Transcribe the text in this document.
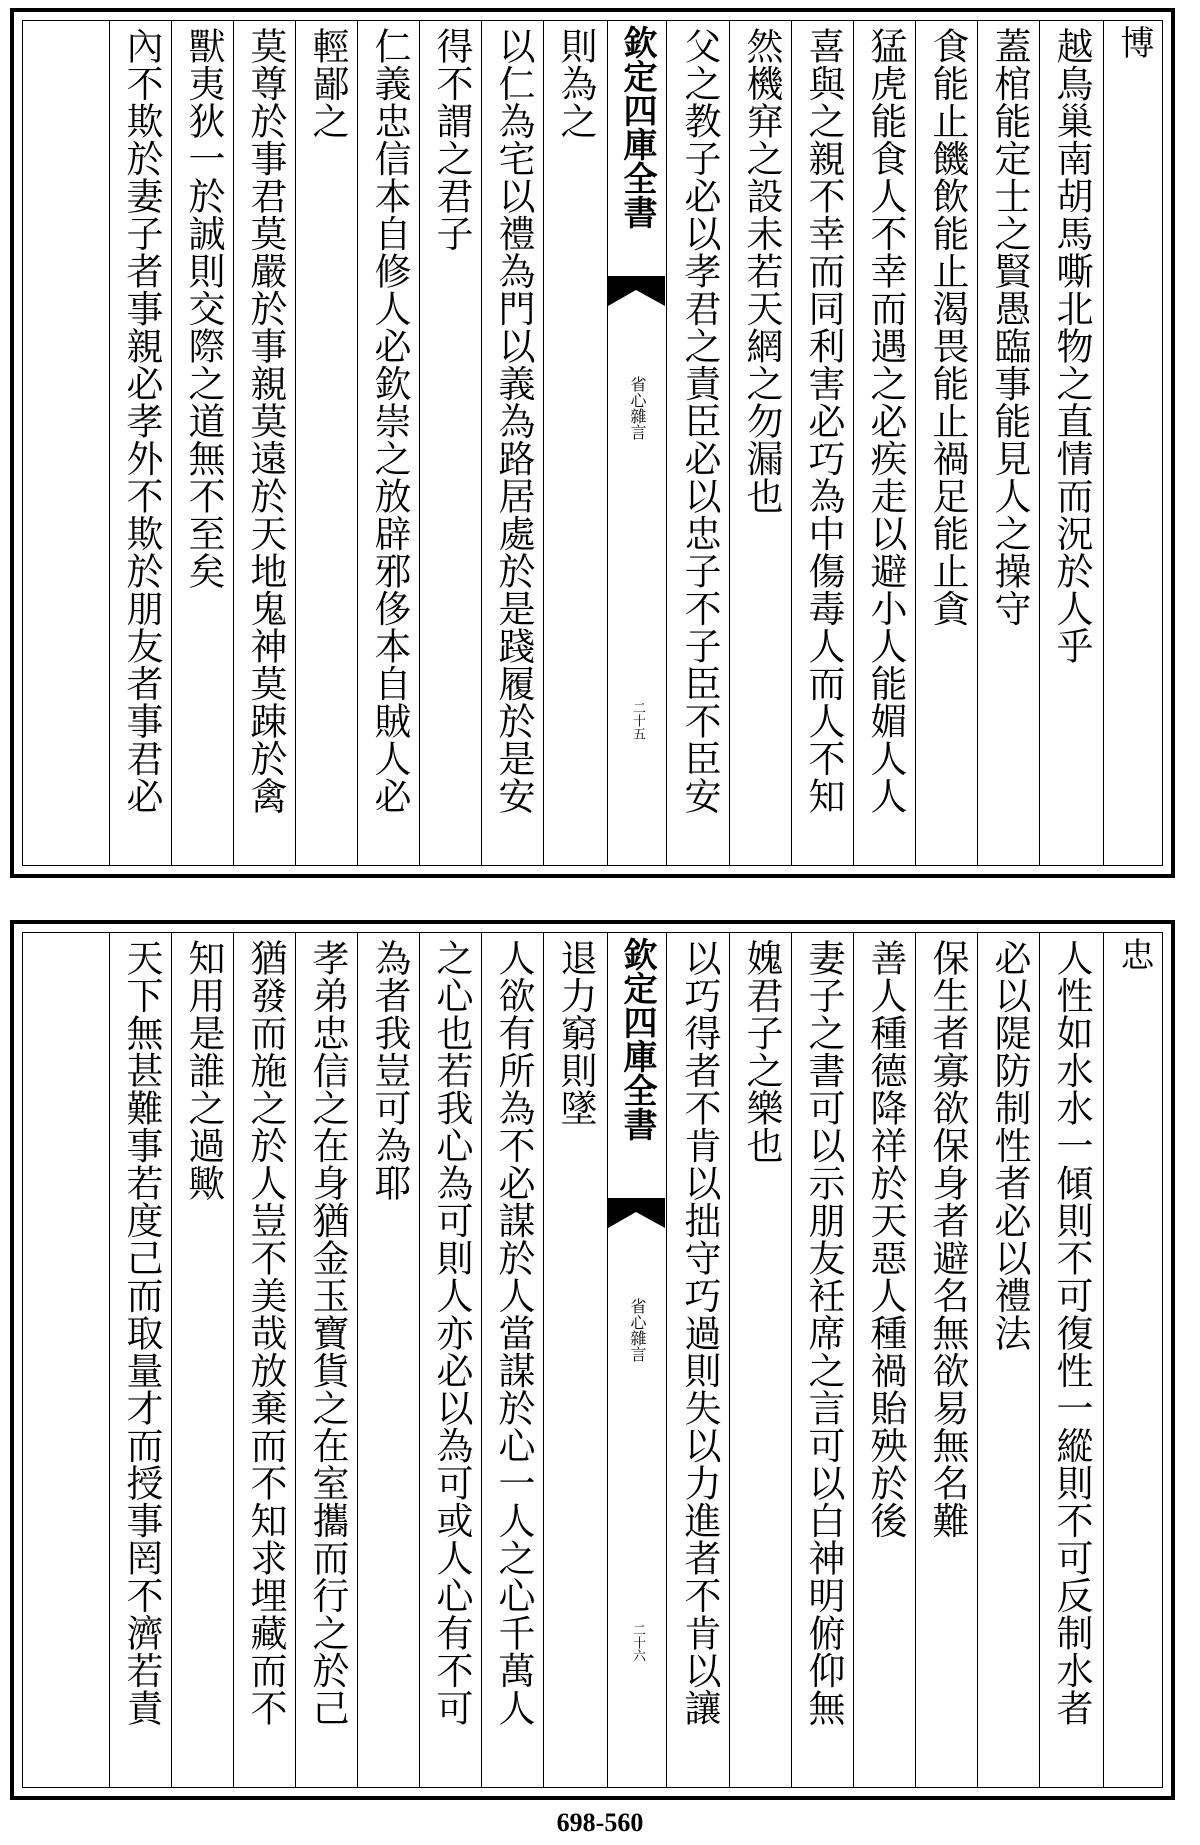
博
越鳥巢南胡馬嘶北物之直情而況於人乎
蓋棺能定士之賢愚臨事能見人之操守
食能止饑飲能止渴畏能止禍足能止貪
猛虎能食人不幸而遇之必疾走以避小人能媚人人
喜與之親不幸而同利害必巧為中傷毒人而人不知
然機穽之設未若天網之勿漏也
父之教子必以孝君之責臣必以忠子不子臣不臣安
欽定四庫全書
省心雜言
二十五
則為之
以仁為宅以禮為門以義為路居處於是踐履於是安
得不謂之君子
仁義忠信本自修人必欽崇之放辟邪侈本自賊人必
輕鄙之
莫尊於事君莫嚴於事親莫遠於天地鬼神莫踈於禽
獸夷狄一於誠則交際之道無不至矣
內不欺於妻子者事親必孝外不欺於朋友者事君必
忠
人性如水水一傾則不可復性一縱則不可反制水者
必以隄防制性者必以禮法
保生者寡欲保身者避名無欲易無名難
善人種德降祥於天惡人種禍貽殃於後
妻子之書可以示朋友衽席之言可以白神明俯仰無
媿君子之樂也
以巧得者不肯以拙守巧過則失以力進者不肯以讓
欽定四庫全書
省心雜言
二十六
退力窮則墜
人欲有所為不必謀於人當謀於心一人之心千萬人
之心也若我心為可則人亦必以為可或人心有不可
為者我豈可為耶
孝弟忠信之在身猶金玉寶貨之在室攜而行之於己
猶發而施之於人豈不美哉放棄而不知求埋藏而不
知用是誰之過歟
天下無甚難事若度己而取量才而授事罔不濟若責
698-560
